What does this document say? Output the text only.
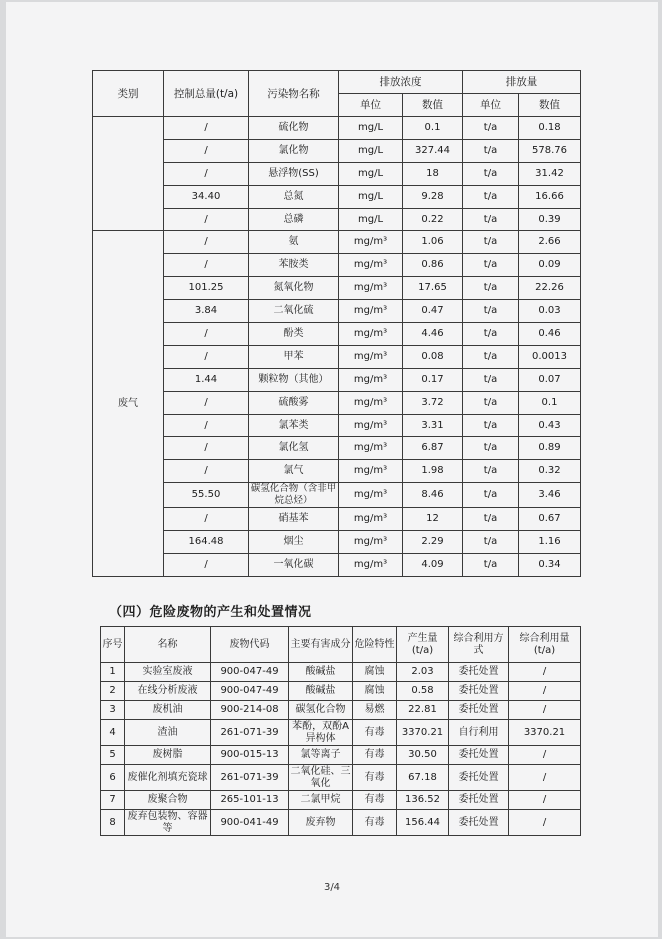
类别	控制总量(t/a)	污染物名称	排放浓度		排放量	
			单位	数值	单位	数值
	/	硫化物	mg/L	0.1	t/a	0.18
	/	氯化物	mg/L	327.44	t/a	578.76
	/	悬浮物(SS)	mg/L	18	t/a	31.42
	34.40	总氮	mg/L	9.28	t/a	16.66
	/	总磷	mg/L	0.22	t/a	0.39
废气	/	氨	mg/m³	1.06	t/a	2.66
	/	苯胺类	mg/m³	0.86	t/a	0.09
	101.25	氮氧化物	mg/m³	17.65	t/a	22.26
	3.84	二氧化硫	mg/m³	0.47	t/a	0.03
	/	酚类	mg/m³	4.46	t/a	0.46
	/	甲苯	mg/m³	0.08	t/a	0.0013
	1.44	颗粒物（其他）	mg/m³	0.17	t/a	0.07
	/	硫酸雾	mg/m³	3.72	t/a	0.1
	/	氯苯类	mg/m³	3.31	t/a	0.43
	/	氯化氢	mg/m³	6.87	t/a	0.89
	/	氯气	mg/m³	1.98	t/a	0.32
	55.50	碳氢化合物（含非甲烷总烃）	mg/m³	8.46	t/a	3.46
	/	硝基苯	mg/m³	12	t/a	0.67
	164.48	烟尘	mg/m³	2.29	t/a	1.16
	/	一氧化碳	mg/m³	4.09	t/a	0.34
（四）危险废物的产生和处置情况
序号	名称	废物代码	主要有害成分	危险特性	产生量(t/a)	综合利用方式	综合利用量(t/a)
1	实验室废液	900-047-49	酸碱盐	腐蚀	2.03	委托处置	/
2	在线分析废液	900-047-49	酸碱盐	腐蚀	0.58	委托处置	/
3	废机油	900-214-08	碳氢化合物	易燃	22.81	委托处置	/
4	渣油	261-071-39	苯酚，双酚A异构体	有毒	3370.21	自行利用	3370.21
5	废树脂	900-015-13	氯等离子	有毒	30.50	委托处置	/
6	废催化剂填充瓷球	261-071-39	二氧化硅、三氧化	有毒	67.18	委托处置	/
7	废聚合物	265-101-13	二氯甲烷	有毒	136.52	委托处置	/
8	废弃包装物、容器等	900-041-49	废弃物	有毒	156.44	委托处置	/
3/4
